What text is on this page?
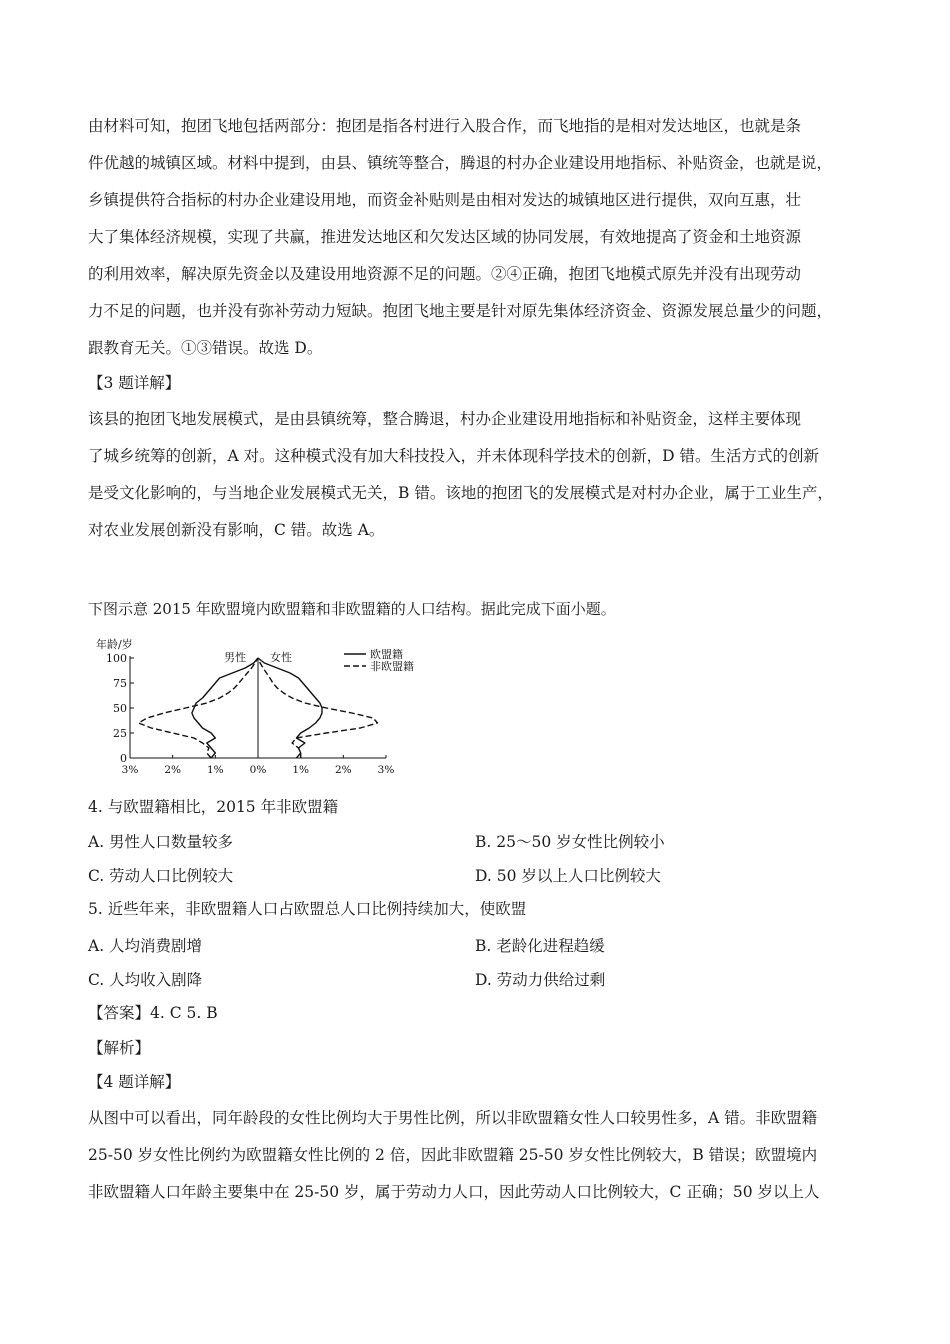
由材料可知，抱团飞地包括两部分：抱团是指各村进行入股合作，而飞地指的是相对发达地区，也就是条
件优越的城镇区域。材料中提到，由县、镇统等整合，腾退的村办企业建设用地指标、补贴资金，也就是说，
乡镇提供符合指标的村办企业建设用地，而资金补贴则是由相对发达的城镇地区进行提供，双向互惠，壮
大了集体经济规模，实现了共赢，推进发达地区和欠发达区域的协同发展，有效地提高了资金和土地资源
的利用效率，解决原先资金以及建设用地资源不足的问题。②④正确，抱团飞地模式原先并没有出现劳动
力不足的问题，也并没有弥补劳动力短缺。抱团飞地主要是针对原先集体经济资金、资源发展总量少的问题，
跟教育无关。①③错误。故选 D。
【3 题详解】
该县的抱团飞地发展模式，是由县镇统筹，整合腾退，村办企业建设用地指标和补贴资金，这样主要体现
了城乡统筹的创新，A 对。这种模式没有加大科技投入，并未体现科学技术的创新，D 错。生活方式的创新
是受文化影响的，与当地企业发展模式无关，B 错。该地的抱团飞的发展模式是对村办企业，属于工业生产，
对农业发展创新没有影响，C 错。故选 A。
下图示意 2015 年欧盟境内欧盟籍和非欧盟籍的人口结构。据此完成下面小题。
0
25
50
75
100
3% 2% 1% 0% 1% 2% 3%
年龄/岁
男性 女性	欧盟籍
非欧盟籍
4. 与欧盟籍相比，2015 年非欧盟籍
A. 男性人口数量较多	B. 25～50 岁女性比例较小
C. 劳动人口比例较大	D. 50 岁以上人口比例较大
5. 近些年来，非欧盟籍人口占欧盟总人口比例持续加大，使欧盟
A. 人均消费剧增	B. 老龄化进程趋缓
C. 人均收入剧降	D. 劳动力供给过剩
【答案】4. C 5. B
【解析】
【4 题详解】
从图中可以看出，同年龄段的女性比例均大于男性比例，所以非欧盟籍女性人口较男性多，A 错。非欧盟籍
25-50 岁女性比例约为欧盟籍女性比例的 2 倍，因此非欧盟籍 25-50 岁女性比例较大，B 错误；欧盟境内
非欧盟籍人口年龄主要集中在 25-50 岁，属于劳动力人口，因此劳动人口比例较大，C 正确；50 岁以上人
